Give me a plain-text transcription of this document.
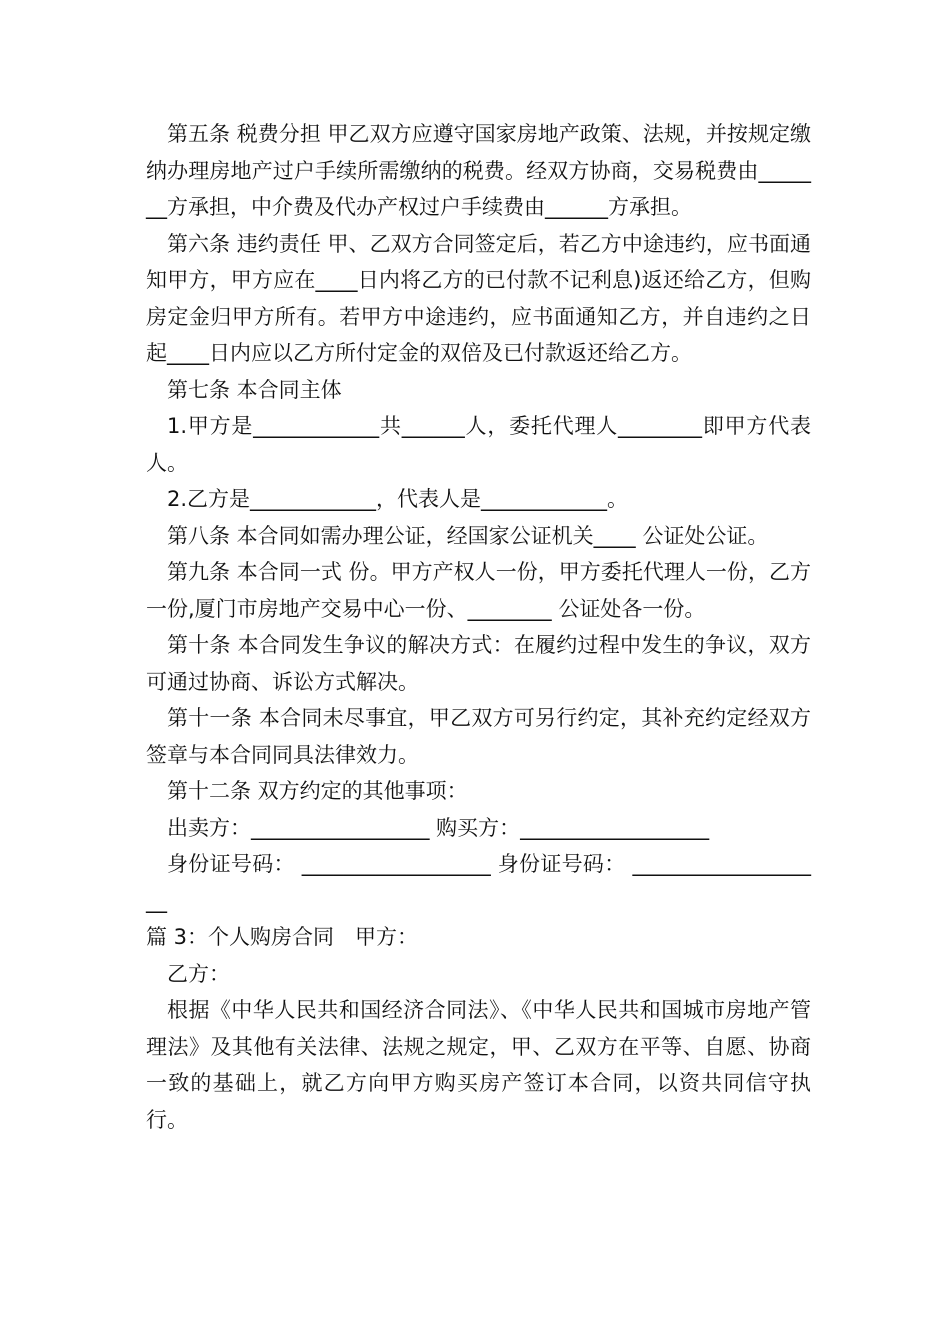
第五条 税费分担 甲乙双方应遵守国家房地产政策、法规，并按规定缴纳办理房地产过户手续所需缴纳的税费。经双方协商，交易税费由_______方承担，中介费及代办产权过户手续费由______方承担。

第六条 违约责任 甲、乙双方合同签定后，若乙方中途违约，应书面通知甲方，甲方应在____日内将乙方的已付款不记利息)返还给乙方，但购房定金归甲方所有。若甲方中途违约，应书面通知乙方，并自违约之日起____日内应以乙方所付定金的双倍及已付款返还给乙方。

第七条 本合同主体

1.甲方是____________共______人，委托代理人________即甲方代表人。

2.乙方是____________，代表人是____________。

第八条 本合同如需办理公证，经国家公证机关____ 公证处公证。

第九条 本合同一式 份。甲方产权人一份，甲方委托代理人一份，乙方一份,厦门市房地产交易中心一份、________ 公证处各一份。

第十条 本合同发生争议的解决方式：在履约过程中发生的争议，双方可通过协商、诉讼方式解决。

第十一条 本合同未尽事宜，甲乙双方可另行约定，其补充约定经双方签章与本合同同具法律效力。

第十二条 双方约定的其他事项：

出卖方：_________________ 购买方：__________________

身份证号码： __________________ 身份证号码： ___________________

篇 3：个人购房合同　甲方：

乙方：

根据《中华人民共和国经济合同法》、《中华人民共和国城市房地产管理法》及其他有关法律、法规之规定，甲、乙双方在平等、自愿、协商一致的基础上，就乙方向甲方购买房产签订本合同，以资共同信守执行。
